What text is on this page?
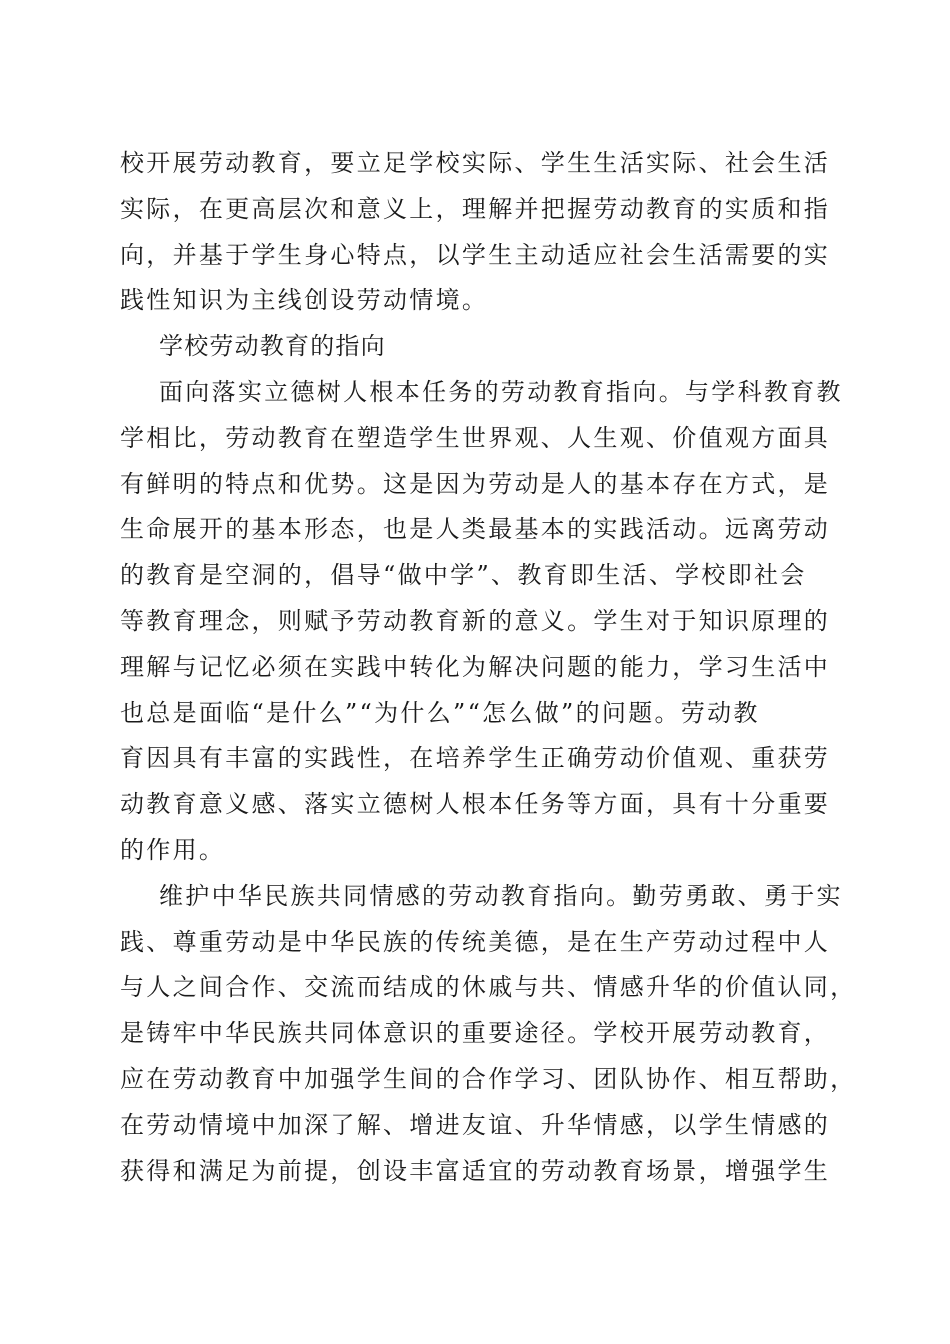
校开展劳动教育，要立足学校实际、学生生活实际、社会生活
实际，在更高层次和意义上，理解并把握劳动教育的实质和指
向，并基于学生身心特点，以学生主动适应社会生活需要的实
践性知识为主线创设劳动情境。
学校劳动教育的指向
面向落实立德树人根本任务的劳动教育指向。与学科教育教
学相比，劳动教育在塑造学生世界观、人生观、价值观方面具
有鲜明的特点和优势。这是因为劳动是人的基本存在方式，是
生命展开的基本形态，也是人类最基本的实践活动。远离劳动
的教育是空洞的，倡导“做中学”、教育即生活、学校即社会
等教育理念，则赋予劳动教育新的意义。学生对于知识原理的
理解与记忆必须在实践中转化为解决问题的能力，学习生活中
也总是面临“是什么”“为什么”“怎么做”的问题。劳动教
育因具有丰富的实践性，在培养学生正确劳动价值观、重获劳
动教育意义感、落实立德树人根本任务等方面，具有十分重要
的作用。
维护中华民族共同情感的劳动教育指向。勤劳勇敢、勇于实
践、尊重劳动是中华民族的传统美德，是在生产劳动过程中人
与人之间合作、交流而结成的休戚与共、情感升华的价值认同，
是铸牢中华民族共同体意识的重要途径。学校开展劳动教育，
应在劳动教育中加强学生间的合作学习、团队协作、相互帮助，
在劳动情境中加深了解、增进友谊、升华情感，以学生情感的
获得和满足为前提，创设丰富适宜的劳动教育场景，增强学生
